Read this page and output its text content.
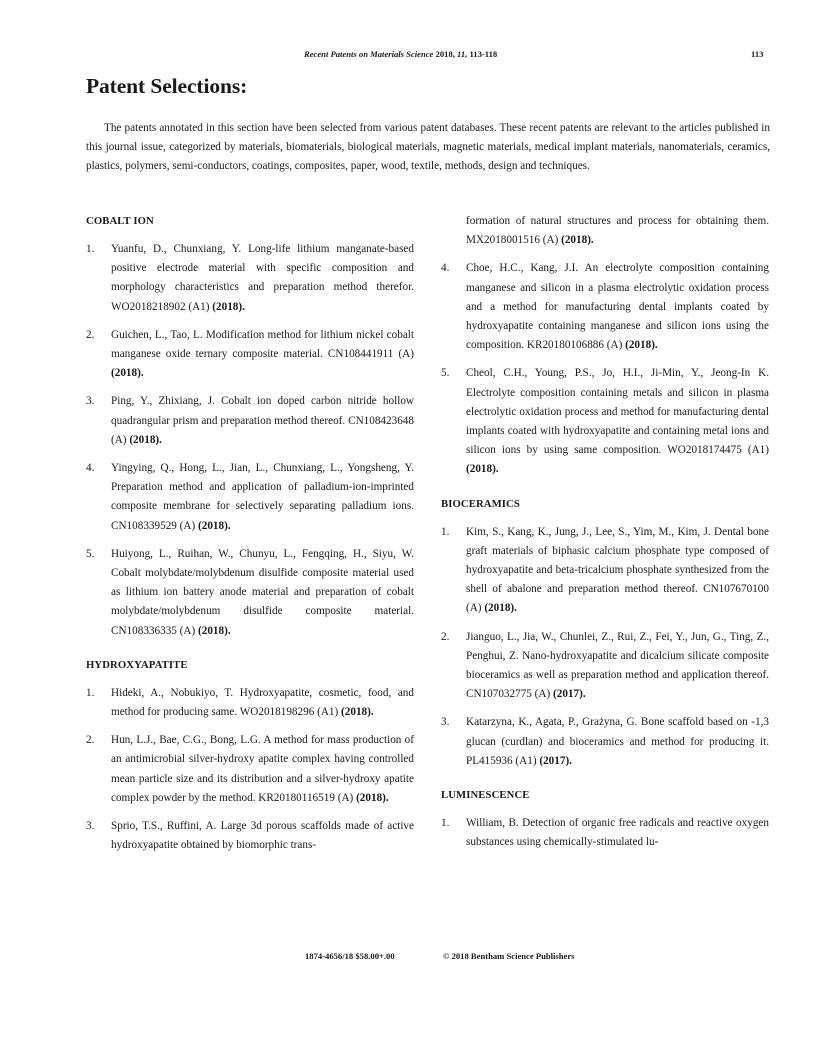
Recent Patents on Materials Science 2018, 11, 113-118	113
Patent Selections:

The patents annotated in this section have been selected from various patent databases. These recent patents are relevant to the articles published in this journal issue, categorized by materials, biomaterials, biological materials, magnetic materials, medical implant materials, nanomaterials, ceramics, plastics, polymers, semi-conductors, coatings, composites, paper, wood, textile, methods, design and techniques.

COBALT ION
1. Yuanfu, D., Chunxiang, Y. Long-life lithium manganate-based positive electrode material with specific composition and morphology characteristics and preparation method therefor. WO2018218902 (A1) (2018).
2. Guichen, L., Tao, L. Modification method for lithium nickel cobalt manganese oxide ternary composite material. CN108441911 (A) (2018).
3. Ping, Y., Zhixiang, J. Cobalt ion doped carbon nitride hollow quadrangular prism and preparation method thereof. CN108423648 (A) (2018).
4. Yingying, Q., Hong, L., Jian, L., Chunxiang, L., Yongsheng, Y. Preparation method and application of palladium-ion-imprinted composite membrane for selectively separating palladium ions. CN108339529 (A) (2018).
5. Huiyong, L., Ruihan, W., Chunyu, L., Fengqing, H., Siyu, W. Cobalt molybdate/molybdenum disulfide composite material used as lithium ion battery anode material and preparation of cobalt molybdate/molybdenum disulfide composite material. CN108336335 (A) (2018).
HYDROXYAPATITE
1. Hideki, A., Nobukiyo, T. Hydroxyapatite, cosmetic, food, and method for producing same. WO2018198296 (A1) (2018).
2. Hun, L.J., Bae, C.G., Bong, L.G. A method for mass production of an antimicrobial silver-hydroxy apatite complex having controlled mean particle size and its distribution and a silver-hydroxy apatite complex powder by the method. KR20180116519 (A) (2018).
3. Sprio, T.S., Ruffini, A. Large 3d porous scaffolds made of active hydroxyapatite obtained by biomorphic trans-

formation of natural structures and process for obtaining them. MX2018001516 (A) (2018).

4. Choe, H.C., Kang, J.I. An electrolyte composition containing manganese and silicon in a plasma electrolytic oxidation process and a method for manufacturing dental implants coated by hydroxyapatite containing manganese and silicon ions using the composition. KR20180106886 (A) (2018).
5. Cheol, C.H., Young, P.S., Jo, H.I., Ji-Min, Y., Jeong-In K. Electrolyte composition containing metals and silicon in plasma electrolytic oxidation process and method for manufacturing dental implants coated with hydroxyapatite and containing metal ions and silicon ions by using same composition. WO2018174475 (A1) (2018).
BIOCERAMICS
1. Kim, S., Kang, K., Jung, J., Lee, S., Yim, M., Kim, J. Dental bone graft materials of biphasic calcium phosphate type composed of hydroxyapatite and beta-tricalcium phosphate synthesized from the shell of abalone and preparation method thereof. CN107670100 (A) (2018).
2. Jianguo, L., Jia, W., Chunlei, Z., Rui, Z., Fei, Y., Jun, G., Ting, Z., Penghui, Z. Nano-hydroxyapatite and dicalcium silicate composite bioceramics as well as preparation method and application thereof. CN107032775 (A) (2017).
3. Katarzyna, K., Agata, P., Grażyna, G. Bone scaffold based on -1,3 glucan (curdlan) and bioceramics and method for producing it. PL415936 (A1) (2017).
LUMINESCENCE
1. William, B. Detection of organic free radicals and reactive oxygen substances using chemically-stimulated lu-
1874-4656/18 $58.00+.00	© 2018 Bentham Science Publishers
